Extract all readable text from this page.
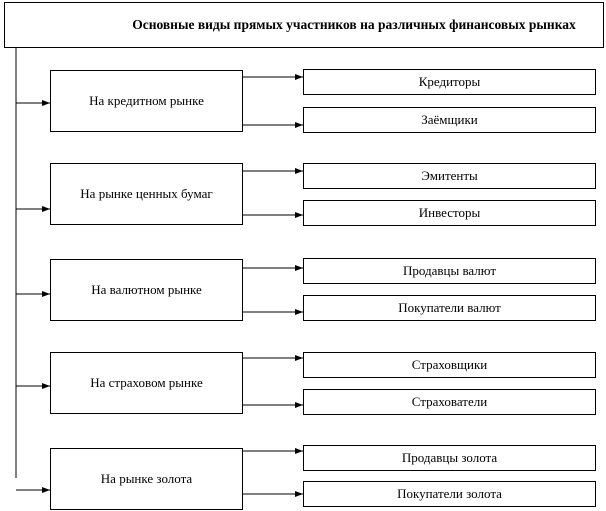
Основные виды прямых участников на различных финансовых рынках
На кредитном рынке
Кредиторы
Заёмщики
На рынке ценных бумаг
Эмитенты
Инвесторы
На валютном рынке
Продавцы валют
Покупатели валют
На страховом рынке
Страховщики
Страхователи
На рынке золота
Продавцы золота
Покупатели золота
